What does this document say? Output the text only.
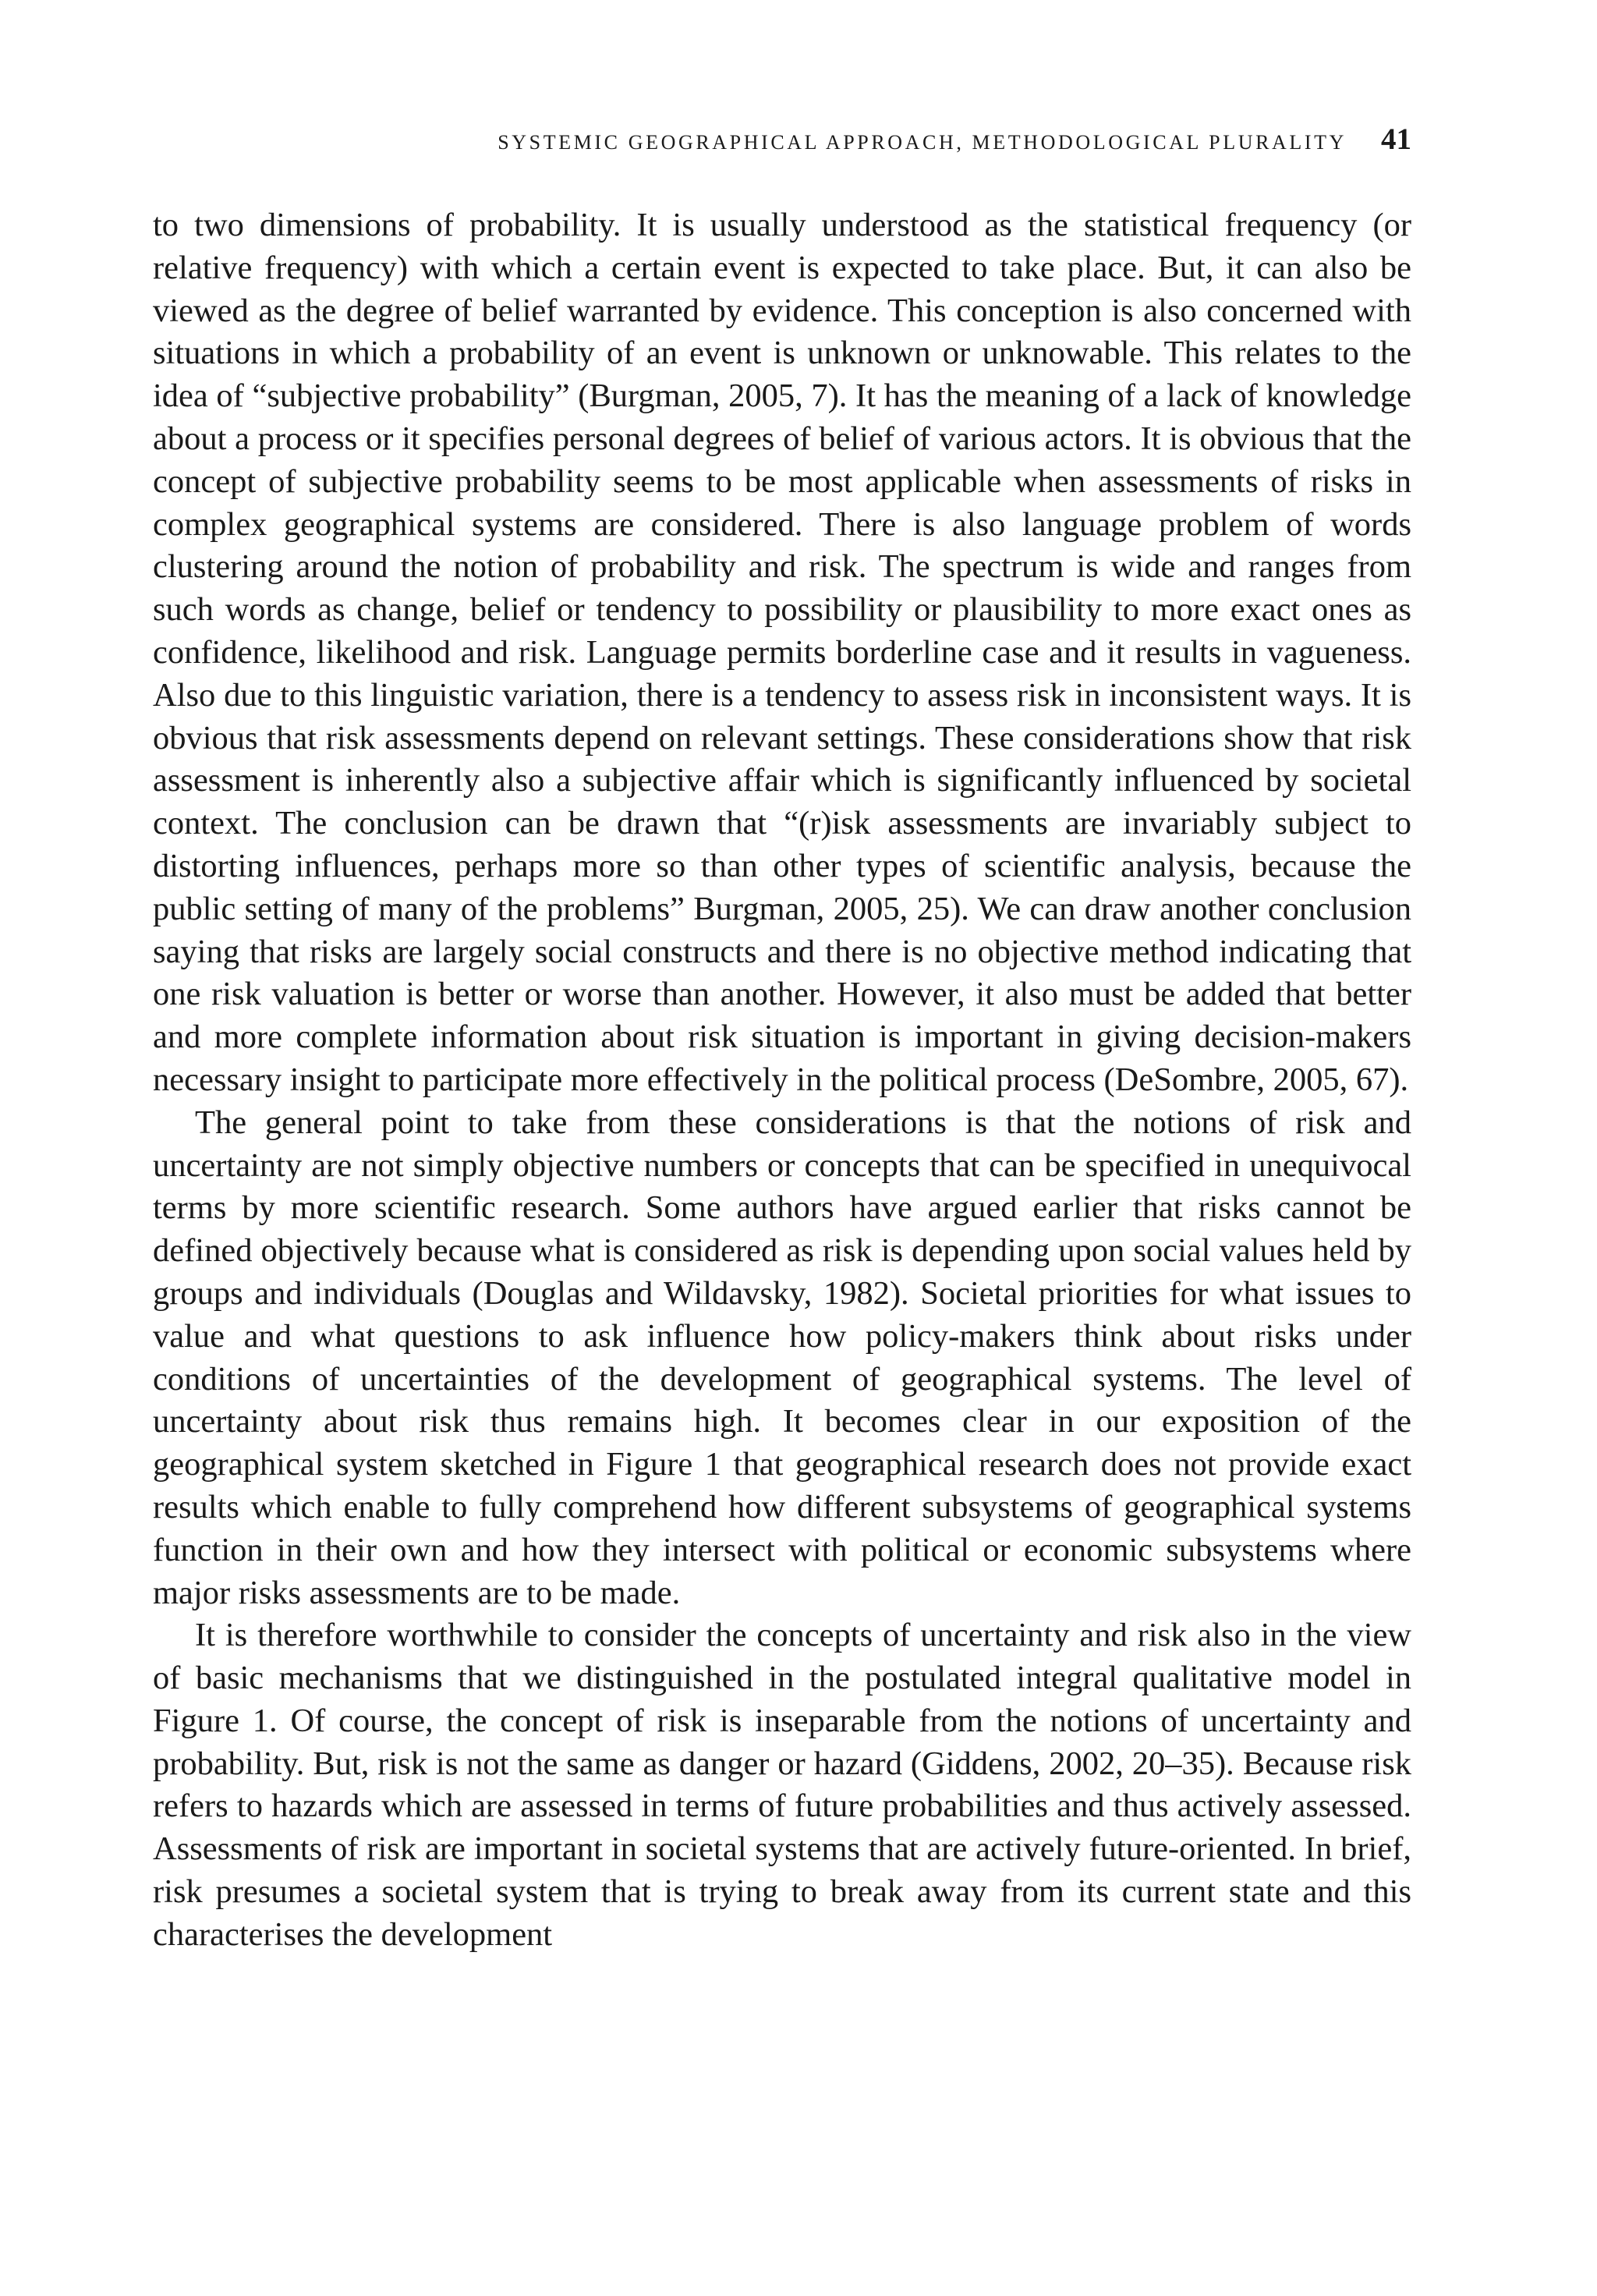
SYSTEMIC GEOGRAPHICAL APPROACH, METHODOLOGICAL PLURALITY 41

to two dimensions of probability. It is usually understood as the statistical frequency (or relative frequency) with which a certain event is expected to take place. But, it can also be viewed as the degree of belief warranted by evidence. This conception is also concerned with situations in which a probability of an event is unknown or unknowable. This relates to the idea of “subjective probability” (Burgman, 2005, 7). It has the meaning of a lack of knowledge about a process or it specifies personal degrees of belief of various actors. It is obvious that the concept of subjective probability seems to be most applicable when assessments of risks in complex geographical systems are considered. There is also language problem of words clustering around the notion of probability and risk. The spectrum is wide and ranges from such words as change, belief or tendency to possibility or plausibility to more exact ones as confidence, likelihood and risk. Language permits borderline case and it results in vagueness. Also due to this linguistic variation, there is a tendency to assess risk in inconsistent ways. It is obvious that risk assessments depend on relevant settings. These considerations show that risk assessment is inherently also a subjective affair which is significantly influenced by societal context. The conclusion can be drawn that “(r)isk assessments are invariably subject to distorting influences, perhaps more so than other types of scientific analysis, because the public setting of many of the problems” Burgman, 2005, 25). We can draw another conclusion saying that risks are largely social constructs and there is no objective method indicating that one risk valuation is better or worse than another. However, it also must be added that better and more complete information about risk situation is important in giving decision-makers necessary insight to participate more effectively in the political process (DeSombre, 2005, 67).

The general point to take from these considerations is that the notions of risk and uncertainty are not simply objective numbers or concepts that can be specified in unequivocal terms by more scientific research. Some authors have argued earlier that risks cannot be defined objectively because what is considered as risk is depending upon social values held by groups and individuals (Douglas and Wildavsky, 1982). Societal priorities for what issues to value and what questions to ask influence how policy-makers think about risks under conditions of uncertainties of the development of geographical systems. The level of uncertainty about risk thus remains high. It becomes clear in our exposition of the geographical system sketched in Figure 1 that geographical research does not provide exact results which enable to fully comprehend how different subsystems of geographical systems function in their own and how they intersect with political or economic subsystems where major risks assessments are to be made.

It is therefore worthwhile to consider the concepts of uncertainty and risk also in the view of basic mechanisms that we distinguished in the postulated integral qualitative model in Figure 1. Of course, the concept of risk is inseparable from the notions of uncertainty and probability. But, risk is not the same as danger or hazard (Giddens, 2002, 20–35). Because risk refers to hazards which are assessed in terms of future probabilities and thus actively assessed. Assessments of risk are important in societal systems that are actively future-oriented. In brief, risk presumes a societal system that is trying to break away from its current state and this characterises the development
